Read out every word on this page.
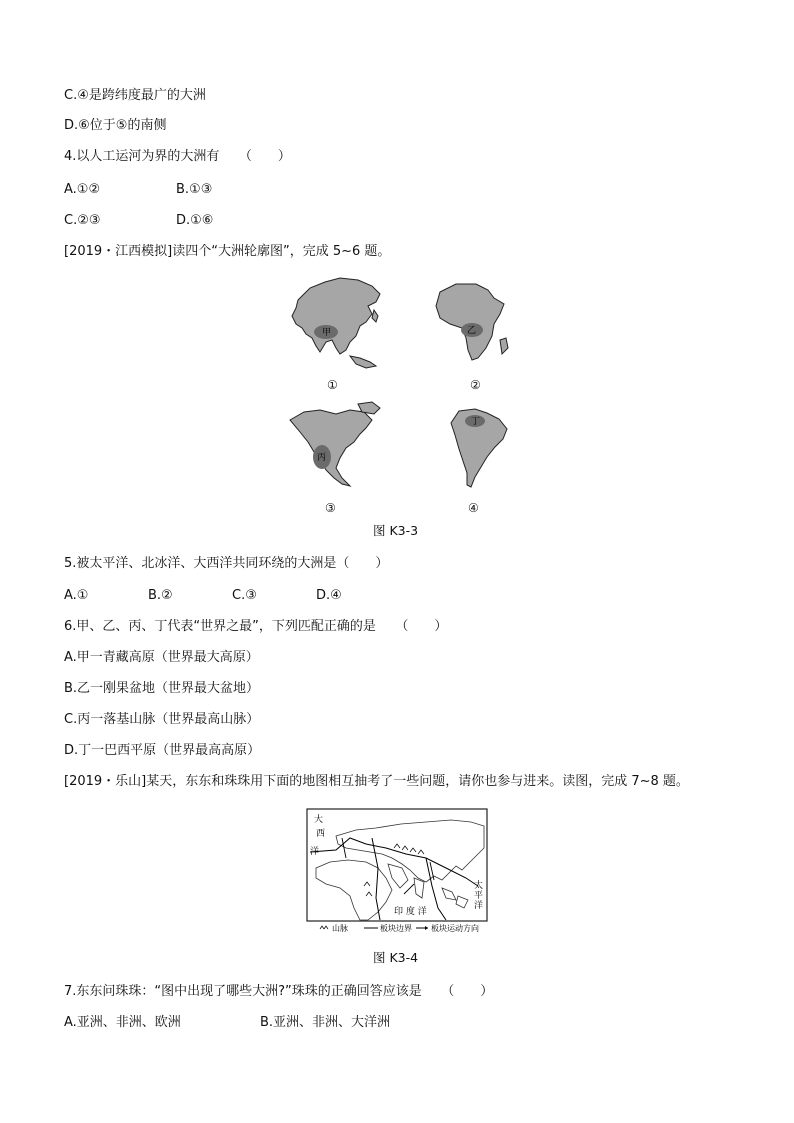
C.④是跨纬度最广的大洲
D.⑥位于⑤的南侧
4.以人工运河为界的大洲有　　（　　）
A.①②	B.①③
C.②③	D.①⑥
[2019・江西模拟]读四个“大洲轮廓图”，完成 5~6 题。
甲	乙
丙
丁
①	②
③	④
图 K3-3
5.被太平洋、北冰洋、大西洋共同环绕的大洲是（　　）
A.①	B.②	C.③	D.④
6.甲、乙、丙、丁代表“世界之最”，下列匹配正确的是　　（　　）
A.甲一青藏高原（世界最大高原）
B.乙一刚果盆地（世界最大盆地）
C.丙一落基山脉（世界最高山脉）
D.丁一巴西平原（世界最高高原）
[2019・乐山]某天，东东和珠珠用下面的地图相互抽考了一些问题，请你也参与进来。读图，完成 7~8 题。
大
西
洋
印 度 洋
太
平
洋
山脉	板块边界 板块运动方向
图 K3-4
7.东东问珠珠：“图中出现了哪些大洲?”珠珠的正确回答应该是　　（　　）
A.亚洲、非洲、欧洲	B.亚洲、非洲、大洋洲
